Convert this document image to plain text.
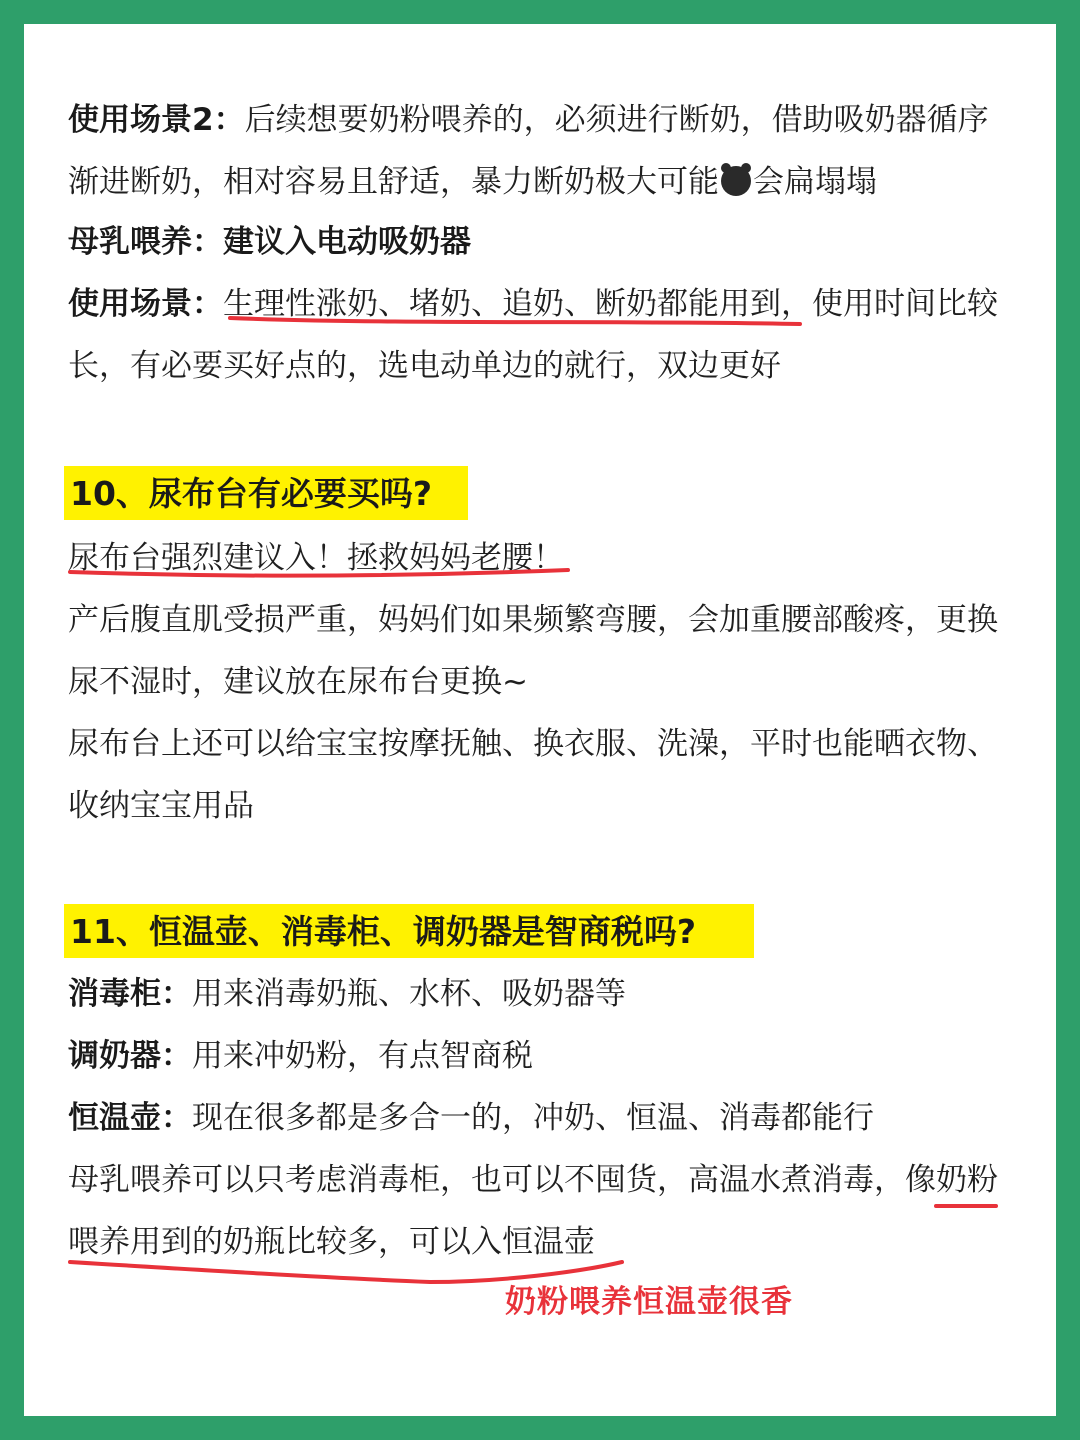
使用场景2：后续想要奶粉喂养的，必须进行断奶，借助吸奶器循序
渐进断奶，相对容易且舒适，暴力断奶极大可能 会扁塌塌
母乳喂养：建议入电动吸奶器
使用场景：生理性涨奶、堵奶、追奶、断奶都能用到，使用时间比较
长，有必要买好点的，选电动单边的就行，双边更好
10、尿布台有必要买吗?
尿布台强烈建议入！拯救妈妈老腰！
产后腹直肌受损严重，妈妈们如果频繁弯腰，会加重腰部酸疼，更换
尿不湿时，建议放在尿布台更换~
尿布台上还可以给宝宝按摩抚触、换衣服、洗澡，平时也能晒衣物、
收纳宝宝用品
11、恒温壶、消毒柜、调奶器是智商税吗?
消毒柜：用来消毒奶瓶、水杯、吸奶器等
调奶器：用来冲奶粉，有点智商税
恒温壶：现在很多都是多合一的，冲奶、恒温、消毒都能行
母乳喂养可以只考虑消毒柜，也可以不囤货，高温水煮消毒，像奶粉
喂养用到的奶瓶比较多，可以入恒温壶
奶粉喂养恒温壶很香
